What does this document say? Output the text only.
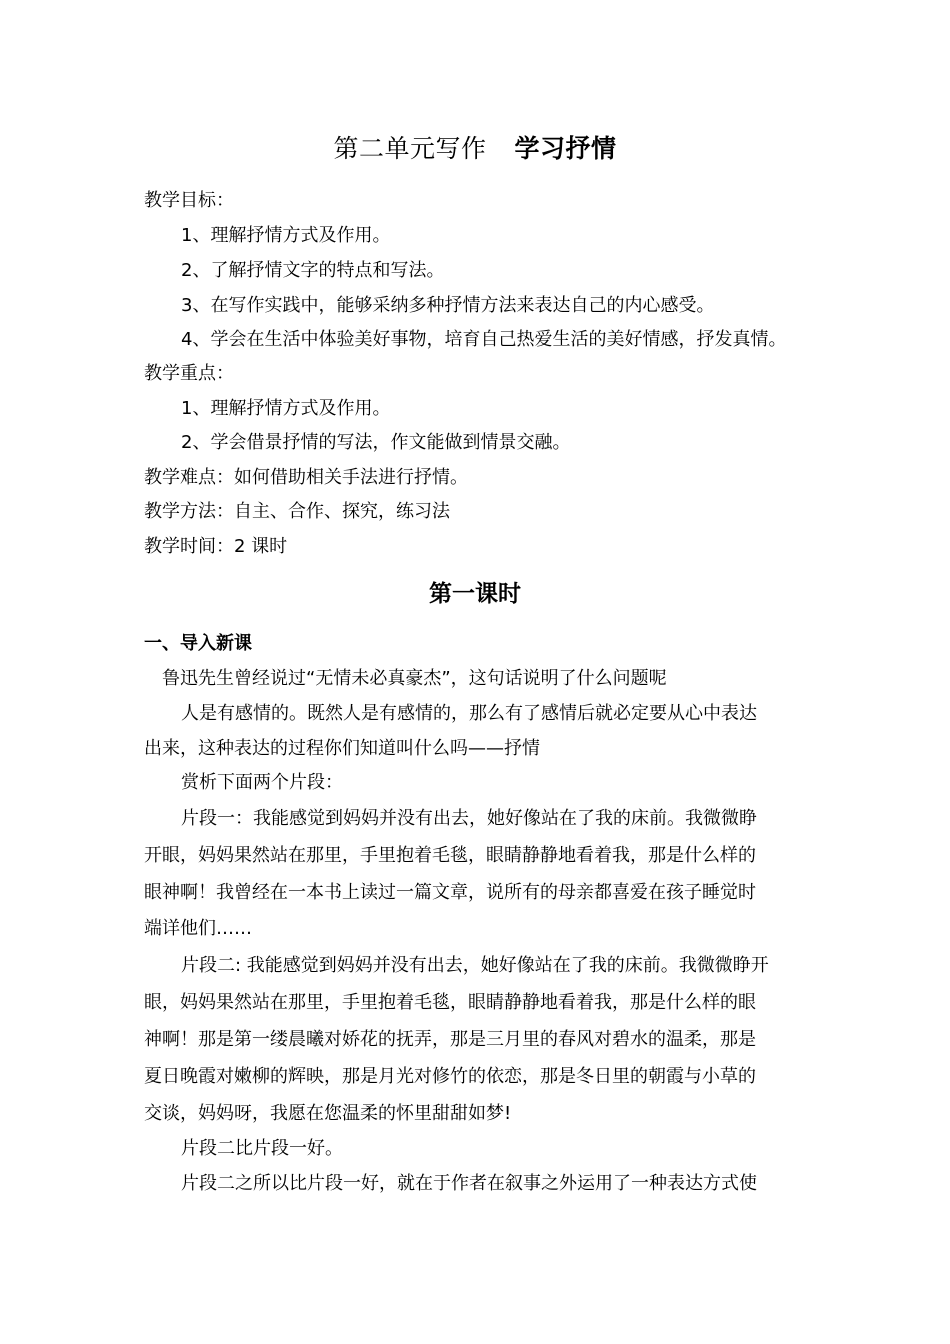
第二单元写作 学习抒情
教学目标：
1、理解抒情方式及作用。
2、了解抒情文字的特点和写法。
3、在写作实践中，能够采纳多种抒情方法来表达自己的内心感受。
4、学会在生活中体验美好事物，培育自己热爱生活的美好情感，抒发真情。
教学重点：
1、理解抒情方式及作用。
2、学会借景抒情的写法，作文能做到情景交融。
教学难点：如何借助相关手法进行抒情。
教学方法：自主、合作、探究，练习法
教学时间：2 课时
第一课时
一、导入新课
鲁迅先生曾经说过“无情未必真豪杰”，这句话说明了什么问题呢
人是有感情的。既然人是有感情的，那么有了感情后就必定要从心中表达
出来，这种表达的过程你们知道叫什么吗——抒情
赏析下面两个片段：
片段一：我能感觉到妈妈并没有出去，她好像站在了我的床前。我微微睁
开眼，妈妈果然站在那里，手里抱着毛毯，眼睛静静地看着我，那是什么样的
眼神啊！我曾经在一本书上读过一篇文章，说所有的母亲都喜爱在孩子睡觉时
端详他们……
片段二: 我能感觉到妈妈并没有出去，她好像站在了我的床前。我微微睁开
眼，妈妈果然站在那里，手里抱着毛毯，眼睛静静地看着我，那是什么样的眼
神啊！那是第一缕晨曦对娇花的抚弄，那是三月里的春风对碧水的温柔，那是
夏日晚霞对嫩柳的辉映，那是月光对修竹的依恋，那是冬日里的朝霞与小草的
交谈，妈妈呀，我愿在您温柔的怀里甜甜如梦!
片段二比片段一好。
片段二之所以比片段一好，就在于作者在叙事之外运用了一种表达方式使
